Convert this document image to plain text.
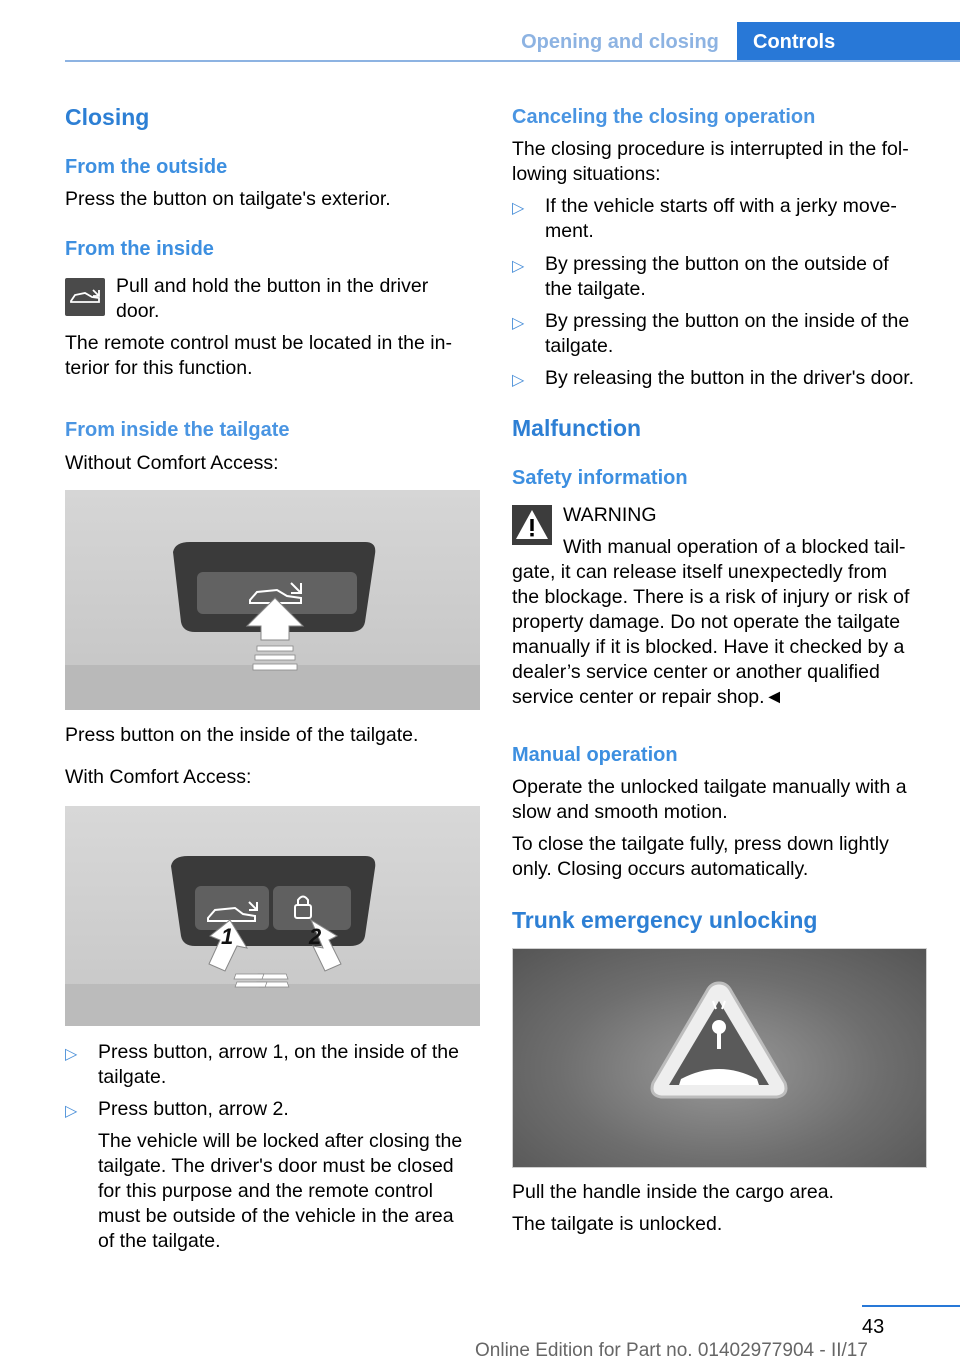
Opening and closing	Controls
Closing
From the outside
Press the button on tailgate's exterior.
From the inside
Pull and hold the button in the driver
door.
The remote control must be located in the in-
terior for this function.
From inside the tailgate
Without Comfort Access:
Press button on the inside of the tailgate.
With Comfort Access:
1	2
▷ Press button, arrow 1, on the inside of the
tailgate.
▷ Press button, arrow 2.
The vehicle will be locked after closing the
tailgate. The driver's door must be closed
for this purpose and the remote control
must be outside of the vehicle in the area
of the tailgate.
Canceling the closing operation
The closing procedure is interrupted in the fol-
lowing situations:
▷ If the vehicle starts off with a jerky move-
ment.
▷ By pressing the button on the outside of
the tailgate.
▷ By pressing the button on the inside of the
tailgate.
▷ By releasing the button in the driver's door.
Malfunction
Safety information
WARNING
With manual operation of a blocked tail-
gate, it can release itself unexpectedly from
the blockage. There is a risk of injury or risk of
property damage. Do not operate the tailgate
manually if it is blocked. Have it checked by a
dealer’s service center or another qualified
service center or repair shop.◄
Manual operation
Operate the unlocked tailgate manually with a
slow and smooth motion.
To close the tailgate fully, press down lightly
only. Closing occurs automatically.
Trunk emergency unlocking
Pull the handle inside the cargo area.
The tailgate is unlocked.
43
Online Edition for Part no. 01402977904 - II/17
